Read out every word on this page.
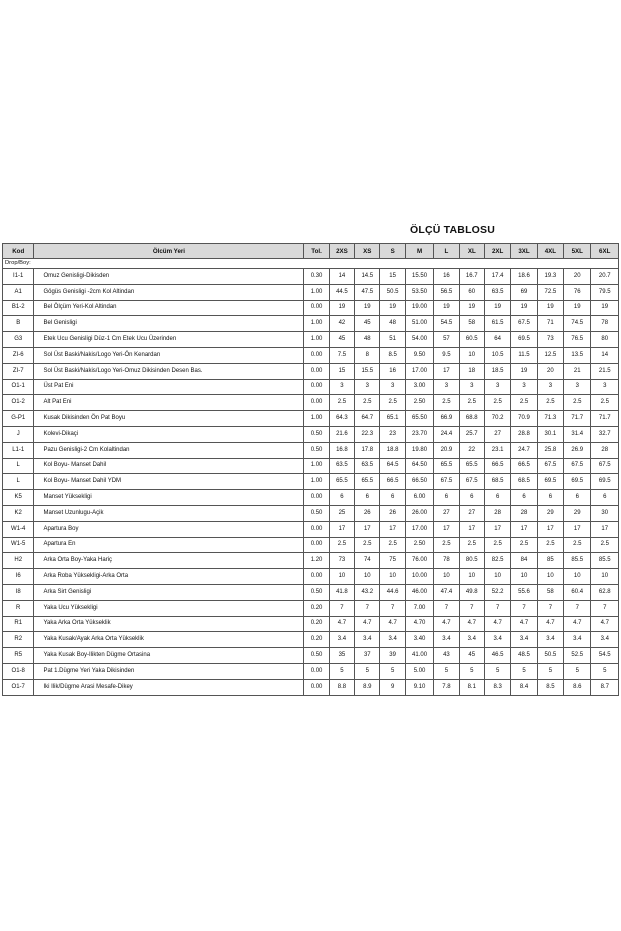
ÖLÇÜ TABLOSU
Kod	Ölcüm Yeri	Tol.	2XS	XS	S	M	L	XL	2XL	3XL	4XL	5XL	6XL
Drop/Boy:													
I1-1	Omuz Genisligi-Dikisden	0.30	14	14.5	15	15.50	16	16.7	17.4	18.6	19.3	20	20.7
A1	Gögüs Genisligi -2cm Kol Altindan	1.00	44.5	47.5	50.5	53.50	56.5	60	63.5	69	72.5	76	79.5
B1-2	Bel Ölçüm Yeri-Kol Altindan	0.00	19	19	19	19.00	19	19	19	19	19	19	19
B	Bel Genisligi	1.00	42	45	48	51.00	54.5	58	61.5	67.5	71	74.5	78
G3	Etek Ucu Genisligi Düz-1 Cm Etek Ucu Üzerinden	1.00	45	48	51	54.00	57	60.5	64	69.5	73	76.5	80
ZI-6	Sol Üst Baski/Nakis/Logo Yeri-Ön Kenardan	0.00	7.5	8	8.5	9.50	9.5	10	10.5	11.5	12.5	13.5	14
ZI-7	Sol Üst Baski/Nakis/Logo Yeri-Omuz Dikisinden Desen Bas.	0.00	15	15.5	16	17.00	17	18	18.5	19	20	21	21.5
O1-1	Üst Pat Eni	0.00	3	3	3	3.00	3	3	3	3	3	3	3
O1-2	Alt Pat Eni	0.00	2.5	2.5	2.5	2.50	2.5	2.5	2.5	2.5	2.5	2.5	2.5
G-P1	Kusak Dikisinden Ön Pat Boyu	1.00	64.3	64.7	65.1	65.50	66.9	68.8	70.2	70.9	71.3	71.7	71.7
J	Kolevi-Dikaçi	0.50	21.6	22.3	23	23.70	24.4	25.7	27	28.8	30.1	31.4	32.7
L1-1	Pazu Genisligi-2 Cm Kolaltindan	0.50	16.8	17.8	18.8	19.80	20.9	22	23.1	24.7	25.8	26.9	28
L	Kol Boyu- Manset Dahil	1.00	63.5	63.5	64.5	64.50	65.5	65.5	66.5	66.5	67.5	67.5	67.5
L	Kol Boyu- Manset Dahil YDM	1.00	65.5	65.5	66.5	66.50	67.5	67.5	68.5	68.5	69.5	69.5	69.5
K5	Manset Yüksekligi	0.00	6	6	6	6.00	6	6	6	6	6	6	6
K2	Manset Uzunlugu-Açik	0.50	25	26	26	26.00	27	27	28	28	29	29	30
W1-4	Apartura Boy	0.00	17	17	17	17.00	17	17	17	17	17	17	17
W1-5	Apartura En	0.00	2.5	2.5	2.5	2.50	2.5	2.5	2.5	2.5	2.5	2.5	2.5
H2	Arka Orta Boy-Yaka Hariç	1.20	73	74	75	76.00	78	80.5	82.5	84	85	85.5	85.5
I6	Arka Roba Yüksekligi-Arka Orta	0.00	10	10	10	10.00	10	10	10	10	10	10	10
I8	Arka Sirt Genisligi	0.50	41.8	43.2	44.6	46.00	47.4	49.8	52.2	55.6	58	60.4	62.8
R	Yaka Ucu Yüksekligi	0.20	7	7	7	7.00	7	7	7	7	7	7	7
R1	Yaka Arka Orta Yükseklik	0.20	4.7	4.7	4.7	4.70	4.7	4.7	4.7	4.7	4.7	4.7	4.7
R2	Yaka Kusak/Ayak Arka Orta Yükseklik	0.20	3.4	3.4	3.4	3.40	3.4	3.4	3.4	3.4	3.4	3.4	3.4
R5	Yaka Kusak Boy-Ilikten Dügme Ortasina	0.50	35	37	39	41.00	43	45	46.5	48.5	50.5	52.5	54.5
O1-8	Pat 1.Dügme Yeri Yaka Dikisinden	0.00	5	5	5	5.00	5	5	5	5	5	5	5
O1-7	Iki Ilik/Dügme Arasi Mesafe-Dikey	0.00	8.8	8.9	9	9.10	7.8	8.1	8.3	8.4	8.5	8.6	8.7
